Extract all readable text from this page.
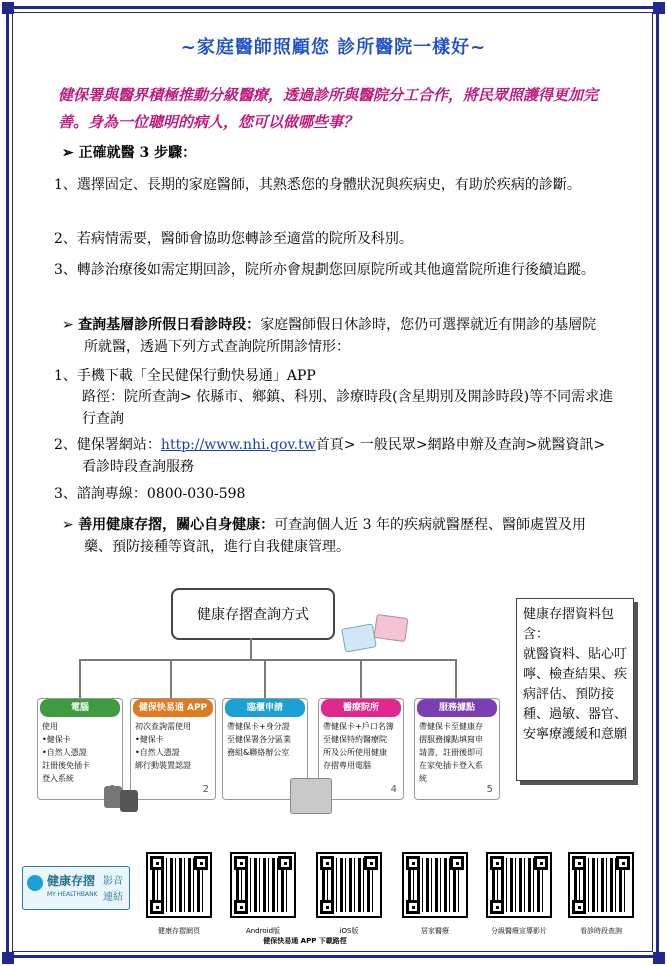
~家庭醫師照顧您 診所醫院一樣好~
健保署與醫界積極推動分級醫療，透過診所與醫院分工合作，將民眾照護得更加完善。身為一位聰明的病人，您可以做哪些事？
➢ 正確就醫 3 步驟：
1、選擇固定、長期的家庭醫師，其熟悉您的身體狀況與疾病史，有助於疾病的診斷。
2、若病情需要，醫師會協助您轉診至適當的院所及科別。
3、轉診治療後如需定期回診，院所亦會規劃您回原院所或其他適當院所進行後續追蹤。
➢ 查詢基層診所假日看診時段：家庭醫師假日休診時，您仍可選擇就近有開診的基層院所就醫，透過下列方式查詢院所開診情形：
1、手機下載「全民健保行動快易通」APP
路徑：院所查詢> 依縣市、鄉鎮、科別、診療時段(含星期別及開診時段)等不同需求進行查詢
2、健保署網站：http://www.nhi.gov.tw首頁> 一般民眾>網路申辦及查詢>就醫資訊>看診時段查詢服務
3、諮詢專線：0800-030-598
➢ 善用健康存摺，關心自身健康：可查詢個人近 3 年的疾病就醫歷程、醫師處置及用藥、預防接種等資訊，進行自我健康管理。
健康存摺查詢方式
電腦
使用
•健保卡
•自然人憑證
註冊後免插卡
登入系統
健保快易通 APP
初次查詢需使用
•健保卡
•自然人憑證
綁行動裝置認證
2
臨櫃申請
帶健保卡+身分證
至健保署各分區業
務組&聯絡辦公室
醫療院所
帶健保卡+戶口名簿
至健保特約醫療院
所及公所使用健康
存摺專用電腦
4
服務據點
帶健保卡至健康存
摺服務據點填寫申
請書，註冊後即可
在家免插卡登入系
統
5
健康存摺資料包含：
就醫資料、貼心叮嚀、檢查結果、疾病評估、預防接種、過敏、器官、安寧療護緩和意願
健康存摺
MY HEALTHBANK
影音
連結
健康存摺網頁	Android版	iOS版	居家醫療	分級醫療宣導影片	看診時段查詢
健保快易通 APP 下載路徑
